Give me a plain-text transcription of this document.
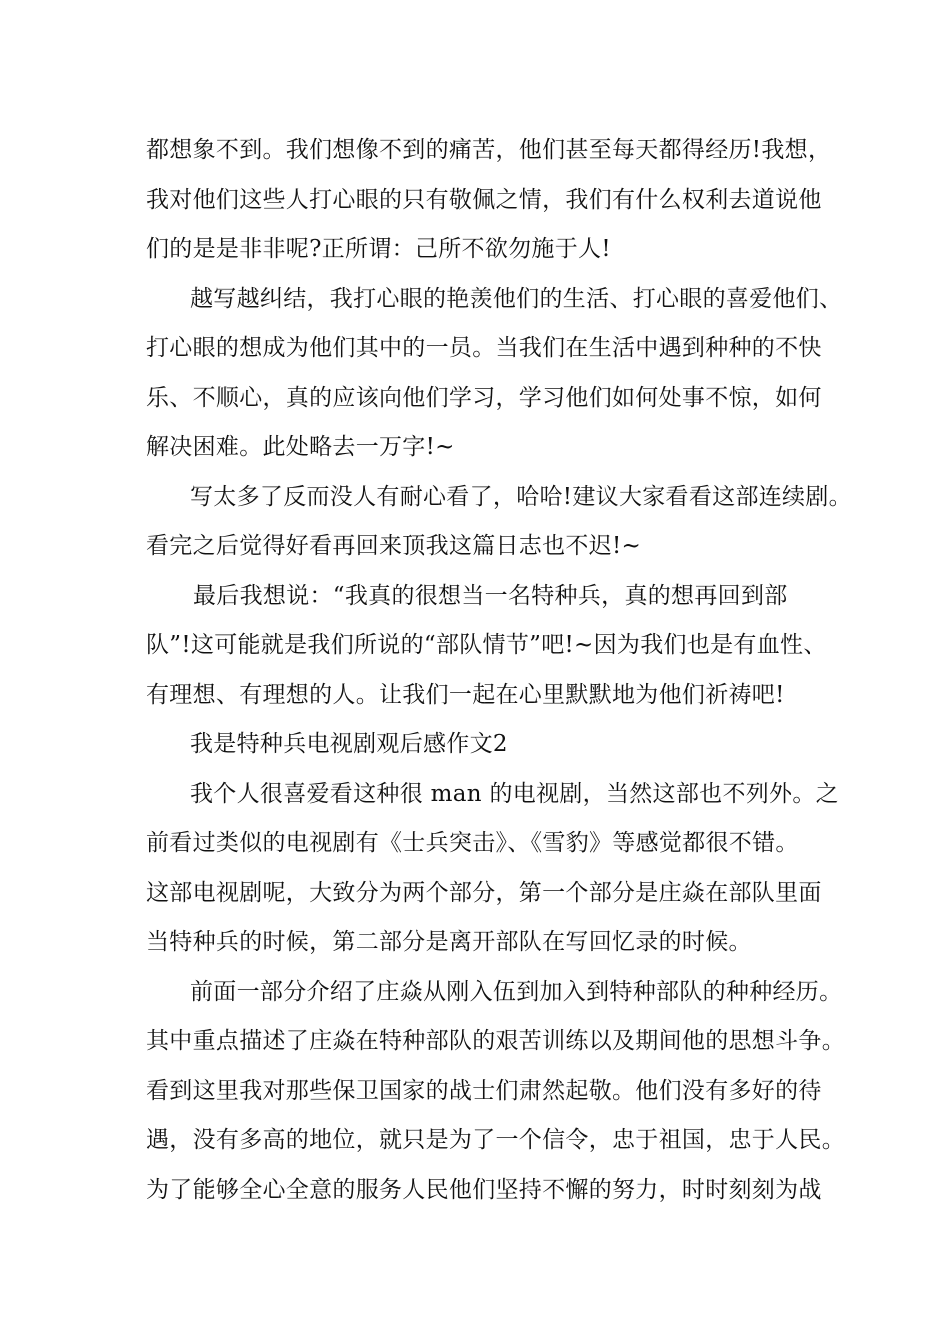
都想象不到。我们想像不到的痛苦，他们甚至每天都得经历!我想，
我对他们这些人打心眼的只有敬佩之情，我们有什么权利去道说他
们的是是非非呢?正所谓：己所不欲勿施于人!
越写越纠结，我打心眼的艳羡他们的生活、打心眼的喜爱他们、
打心眼的想成为他们其中的一员。当我们在生活中遇到种种的不快
乐、不顺心，真的应该向他们学习，学习他们如何处事不惊，如何
解决困难。此处略去一万字!~
写太多了反而没人有耐心看了，哈哈!建议大家看看这部连续剧。
看完之后觉得好看再回来顶我这篇日志也不迟!~
最后我想说：“我真的很想当一名特种兵，真的想再回到部
队”!这可能就是我们所说的“部队情节”吧!~因为我们也是有血性、
有理想、有理想的人。让我们一起在心里默默地为他们祈祷吧!
我是特种兵电视剧观后感作文2
我个人很喜爱看这种很 man 的电视剧，当然这部也不列外。之
前看过类似的电视剧有《士兵突击》、《雪豹》等感觉都很不错。
这部电视剧呢，大致分为两个部分，第一个部分是庄焱在部队里面
当特种兵的时候，第二部分是离开部队在写回忆录的时候。
前面一部分介绍了庄焱从刚入伍到加入到特种部队的种种经历。
其中重点描述了庄焱在特种部队的艰苦训练以及期间他的思想斗争。
看到这里我对那些保卫国家的战士们肃然起敬。他们没有多好的待
遇，没有多高的地位，就只是为了一个信令，忠于祖国，忠于人民。
为了能够全心全意的服务人民他们坚持不懈的努力，时时刻刻为战
